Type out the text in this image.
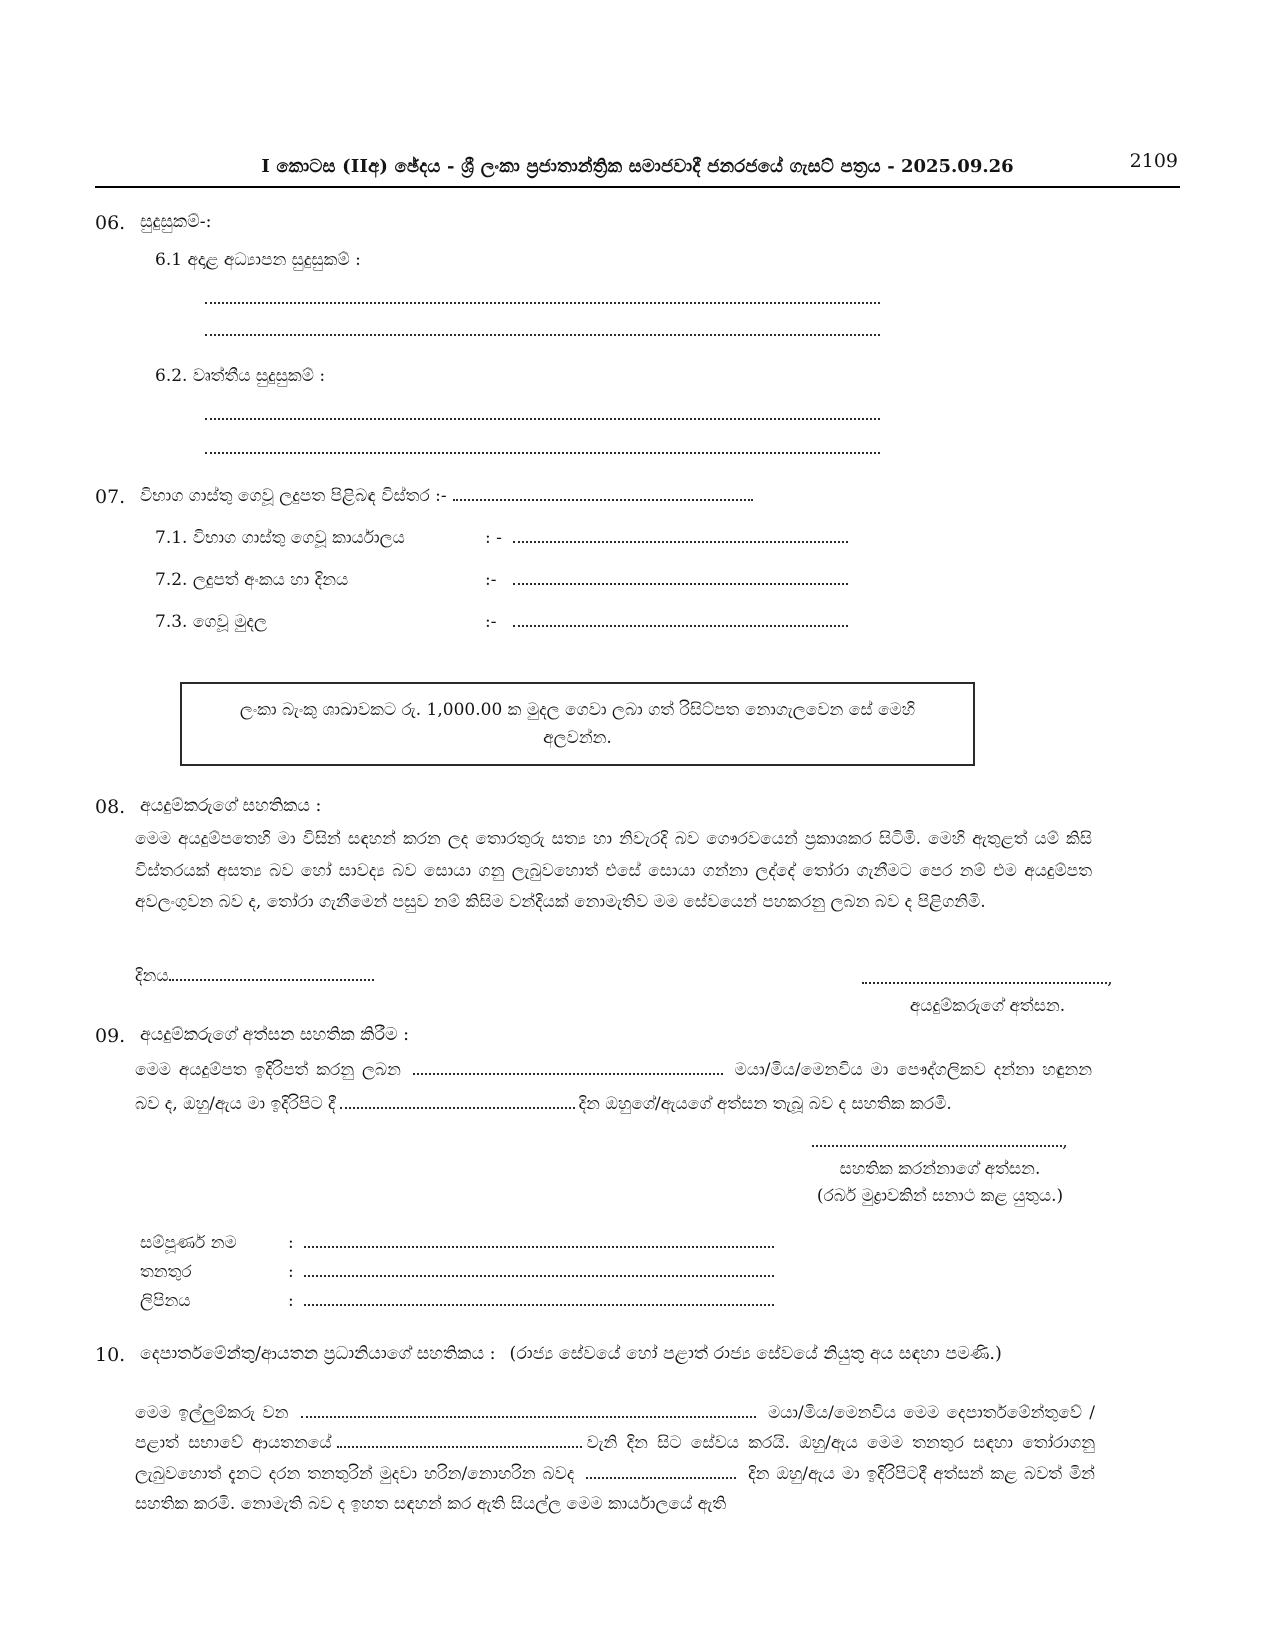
I කොටස (IIඅ) ඡේදය - ශ්‍රී ලංකා ප්‍රජාතාන්ත්‍රික සමාජවාදී ජනරජයේ ගැසට් පත්‍රය - 2025.09.26	2109
06. සුදුසුකම්-:
6.1 අදාළ අධ්‍යාපන සුදුසුකම් :
6.2. වෘත්තීය සුදුසුකම් :
07. විභාග ගාස්තු ගෙවූ ලදුපත පිළිබඳ විස්තර :-
7.1. විභාග ගාස්තු ගෙවූ කාර්යාලය	: -
7.2. ලදුපත් අංකය හා දිනය	:-
7.3. ගෙවූ මුදල	:-
ලංකා බැංකු ශාඛාවකට රු. 1,000.00 ක මුදල ගෙවා ලබා ගත් රිසිට්පත නොගැලවෙන සේ මෙහි අලවන්න.
08. අයදුම්කරුගේ සහතිකය :

මෙම අයදුම්පතෙහි මා විසින් සඳහන් කරන ලද තොරතුරු සත්‍ය හා නිවැරදි බව ගෞරවයෙන් ප්‍රකාශකර සිටිමි. මෙහි ඇතුළත් යම් කිසි විස්තරයක් අසත්‍ය බව හෝ සාවද්‍ය බව සොයා ගනු ලැබුවහොත් එසේ සොයා ගන්නා ලද්දේ තෝරා ගැනීමට පෙර නම් එම අයදුම්පත අවලංගුවන බව ද, තෝරා ගැනීමෙන් පසුව නම් කිසිම වන්දියක් නොමැතිව මම සේවයෙන් පහකරනු ලබන බව ද පිළිගනිමි.

දිනය	,
අයදුම්කරුගේ අත්සන.
09. අයදුම්කරුගේ අත්සන සහතික කිරීම :

මෙම අයදුම්පත ඉදිරිපත් කරනු ලබන	මයා/මිය/මෙනවිය මා පෞද්ගලිකව දන්නා හඳුනන බව ද, ඔහු/ඇය මා ඉදිරිපිට දී	දින ඔහුගේ/ඇයගේ අත්සන තැබූ බව ද සහතික කරමි.

,
සහතික කරන්නාගේ අත්සන.
(රබර් මුද්‍රාවකින් සනාථ කළ යුතුය.)
සම්පූර්ණ නම	:
තනතුර	:
ලිපිනය	:
10. දෙපාර්තමේන්තු/ආයතන ප්‍රධානියාගේ සහතිකය : (රාජ්‍ය සේවයේ හෝ පළාත් රාජ්‍ය සේවයේ නියුතු අය සඳහා පමණි.)

මෙම ඉල්ලුම්කරු වන	මයා/මිය/මෙනවිය මෙම දෙපාර්තමේන්තුවේ / පළාත් සභාවේ ආයතනයේ	වැනි දින සිට සේවය කරයි. ඔහු/ඇය මෙම තනතුර සඳහා තෝරාගනු ලැබුවහොත් දැනට දරන තනතුරින් මුදවා හරින/නොහරින බවද	දින ඔහු/ඇය මා ඉදිරිපිටදී අත්සන් කළ බවත් මින් සහතික කරමි. නොමැති බව ද ඉහත සඳහන් කර ඇති සියල්ල මෙම කාර්යාලයේ ඇති
